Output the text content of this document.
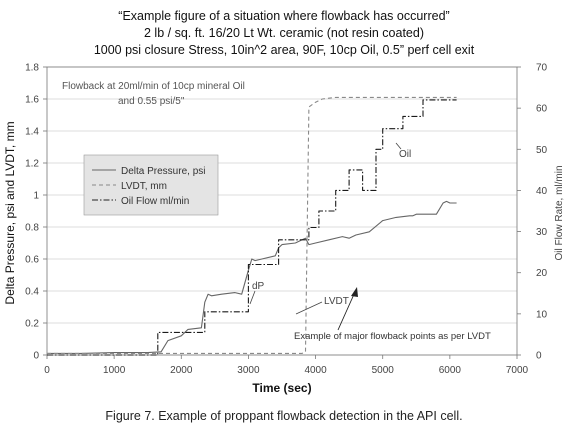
“Example figure of a situation where flowback has occurred”
2 lb / sq. ft. 16/20 Lt Wt. ceramic (not resin coated)
1000 psi closure Stress, 10in^2 area, 90F, 10cp Oil, 0.5” perf cell exit
0	1000	2000	3000	4000	5000	6000	7000
0
0.2
0.4
0.6
0.8
1
1.2
1.4
1.6
1.8
0
10
20
30
40
50
60
70
Time (sec)
Delta Pressure, psi and LVDT, mm	Oil Flow Rate, ml/min
Flowback at 20ml/min of 10cp mineral Oil
and 0.55 psi/5"
Delta Pressure, psi
LVDT, mm
Oil Flow ml/min
dP
LVDT
Oil
Example of major flowback points as per LVDT
Figure 7. Example of proppant flowback detection in the API cell.
